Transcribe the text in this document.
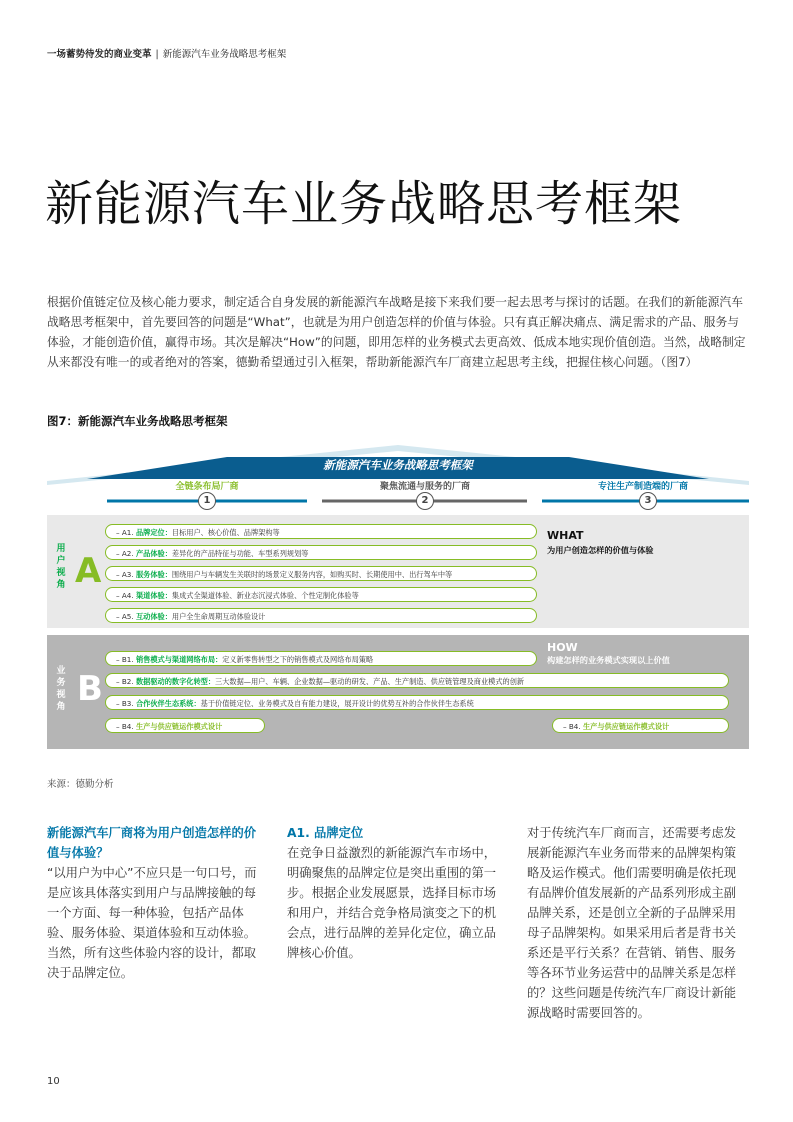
一场蓄势待发的商业变革 | 新能源汽车业务战略思考框架
新能源汽车业务战略思考框架
根据价值链定位及核心能力要求，制定适合自身发展的新能源汽车战略是接下来我们要一起去思考与探讨的话题。在我们的新能源汽车战略思考框架中，首先要回答的问题是“What”，也就是为用户创造怎样的价值与体验。只有真正解决痛点、满足需求的产品、服务与体验，才能创造价值，赢得市场。其次是解决“How”的问题，即用怎样的业务模式去更高效、低成本地实现价值创造。当然，战略制定从来都没有唯一的或者绝对的答案，德勤希望通过引入框架，帮助新能源汽车厂商建立起思考主线，把握住核心问题。（图7）
图7：新能源汽车业务战略思考框架
新能源汽车业务战略思考框架
全链条布局厂商	聚焦流通与服务的厂商	专注生产制造端的厂商
1	2	3
用
户
视
角 A
– A1. 品牌定位：目标用户、核心价值、品牌架构等
– A2. 产品体验：差异化的产品特征与功能、车型系列规划等
– A3. 服务体验：围绕用户与车辆发生关联时的场景定义服务内容，如购买时、长期使用中、出行驾车中等
– A4. 渠道体验：集成式全渠道体验、新业态沉浸式体验、个性定制化体验等
– A5. 互动体验：用户全生命周期互动体验设计
WHAT
为用户创造怎样的价值与体验
业
务
视
角 B
HOW
构建怎样的业务模式实现以上价值
– B1. 销售模式与渠道网络布局：定义新零售转型之下的销售模式及网络布局策略
– B2. 数据驱动的数字化转型：三大数据—用户、车辆、企业数据—驱动的研发、产品、生产制造、供应链管理及商业模式的创新
– B3. 合作伙伴生态系统：基于价值链定位、业务模式及自有能力建设，展开设计的优势互补的合作伙伴生态系统
– B4. 生产与供应链运作模式设计	– B4. 生产与供应链运作模式设计
来源：德勤分析
新能源汽车厂商将为用户创造怎样的价值与体验？

“以用户为中心”不应只是一句口号，而是应该具体落实到用户与品牌接触的每一个方面、每一种体验，包括产品体验、服务体验、渠道体验和互动体验。当然，所有这些体验内容的设计，都取决于品牌定位。

A1. 品牌定位

在竞争日益激烈的新能源汽车市场中，明确聚焦的品牌定位是突出重围的第一步。根据企业发展愿景，选择目标市场和用户，并结合竞争格局演变之下的机会点，进行品牌的差异化定位，确立品牌核心价值。

对于传统汽车厂商而言，还需要考虑发展新能源汽车业务而带来的品牌架构策略及运作模式。他们需要明确是依托现有品牌价值发展新的产品系列形成主副品牌关系，还是创立全新的子品牌采用母子品牌架构。如果采用后者是背书关系还是平行关系？在营销、销售、服务等各环节业务运营中的品牌关系是怎样的？这些问题是传统汽车厂商设计新能源战略时需要回答的。

10
